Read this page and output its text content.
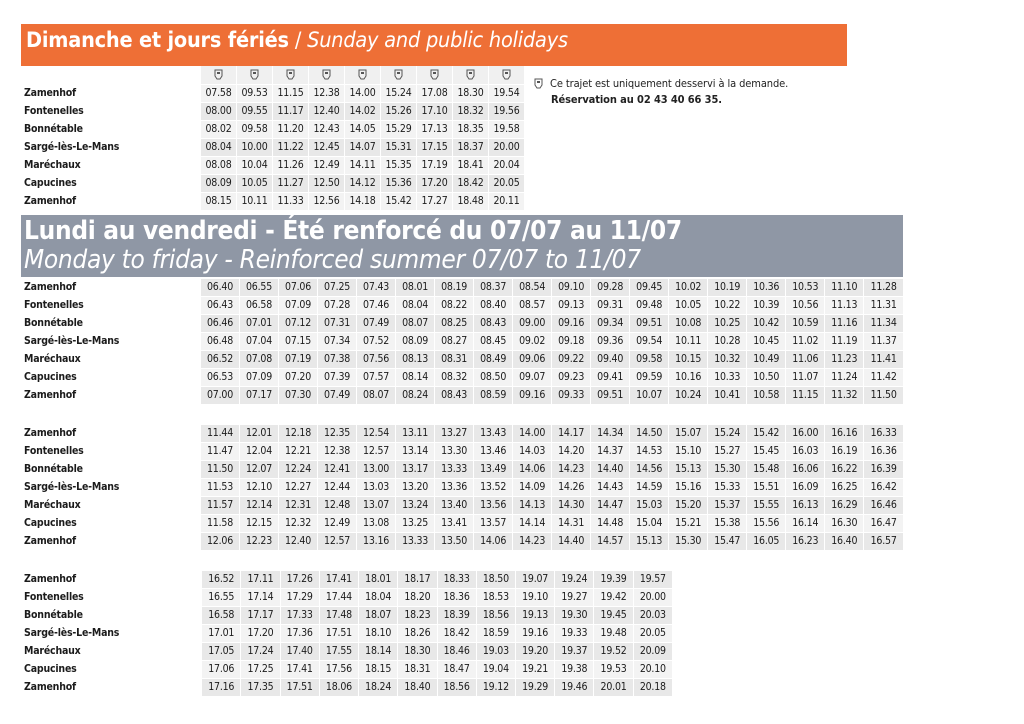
Dimanche et jours fériés / Sunday and public holidays

Zamenhof	07.58	09.53	11.15	12.38	14.00	15.24	17.08	18.30	19.54
Fontenelles	08.00	09.55	11.17	12.40	14.02	15.26	17.10	18.32	19.56
Bonnétable	08.02	09.58	11.20	12.43	14.05	15.29	17.13	18.35	19.58
Sargé-lès-Le-Mans	08.04	10.00	11.22	12.45	14.07	15.31	17.15	18.37	20.00
Maréchaux	08.08	10.04	11.26	12.49	14.11	15.35	17.19	18.41	20.04
Capucines	08.09	10.05	11.27	12.50	14.12	15.36	17.20	18.42	20.05
Zamenhof	08.15	10.11	11.33	12.56	14.18	15.42	17.27	18.48	20.11
Ce trajet est uniquement desservi à la demande.
Réservation au 02 43 40 66 35.
Lundi au vendredi - Été renforcé du 07/07 au 11/07
Monday to friday - Reinforced summer 07/07 to 11/07
Zamenhof	06.40	06.55	07.06	07.25	07.43	08.01	08.19	08.37	08.54	09.10	09.28	09.45	10.02	10.19	10.36	10.53	11.10	11.28
Fontenelles	06.43	06.58	07.09	07.28	07.46	08.04	08.22	08.40	08.57	09.13	09.31	09.48	10.05	10.22	10.39	10.56	11.13	11.31
Bonnétable	06.46	07.01	07.12	07.31	07.49	08.07	08.25	08.43	09.00	09.16	09.34	09.51	10.08	10.25	10.42	10.59	11.16	11.34
Sargé-lès-Le-Mans	06.48	07.04	07.15	07.34	07.52	08.09	08.27	08.45	09.02	09.18	09.36	09.54	10.11	10.28	10.45	11.02	11.19	11.37
Maréchaux	06.52	07.08	07.19	07.38	07.56	08.13	08.31	08.49	09.06	09.22	09.40	09.58	10.15	10.32	10.49	11.06	11.23	11.41
Capucines	06.53	07.09	07.20	07.39	07.57	08.14	08.32	08.50	09.07	09.23	09.41	09.59	10.16	10.33	10.50	11.07	11.24	11.42
Zamenhof	07.00	07.17	07.30	07.49	08.07	08.24	08.43	08.59	09.16	09.33	09.51	10.07	10.24	10.41	10.58	11.15	11.32	11.50
Zamenhof	11.44	12.01	12.18	12.35	12.54	13.11	13.27	13.43	14.00	14.17	14.34	14.50	15.07	15.24	15.42	16.00	16.16	16.33
Fontenelles	11.47	12.04	12.21	12.38	12.57	13.14	13.30	13.46	14.03	14.20	14.37	14.53	15.10	15.27	15.45	16.03	16.19	16.36
Bonnétable	11.50	12.07	12.24	12.41	13.00	13.17	13.33	13.49	14.06	14.23	14.40	14.56	15.13	15.30	15.48	16.06	16.22	16.39
Sargé-lès-Le-Mans	11.53	12.10	12.27	12.44	13.03	13.20	13.36	13.52	14.09	14.26	14.43	14.59	15.16	15.33	15.51	16.09	16.25	16.42
Maréchaux	11.57	12.14	12.31	12.48	13.07	13.24	13.40	13.56	14.13	14.30	14.47	15.03	15.20	15.37	15.55	16.13	16.29	16.46
Capucines	11.58	12.15	12.32	12.49	13.08	13.25	13.41	13.57	14.14	14.31	14.48	15.04	15.21	15.38	15.56	16.14	16.30	16.47
Zamenhof	12.06	12.23	12.40	12.57	13.16	13.33	13.50	14.06	14.23	14.40	14.57	15.13	15.30	15.47	16.05	16.23	16.40	16.57
Zamenhof	16.52	17.11	17.26	17.41	18.01	18.17	18.33	18.50	19.07	19.24	19.39	19.57
Fontenelles	16.55	17.14	17.29	17.44	18.04	18.20	18.36	18.53	19.10	19.27	19.42	20.00
Bonnétable	16.58	17.17	17.33	17.48	18.07	18.23	18.39	18.56	19.13	19.30	19.45	20.03
Sargé-lès-Le-Mans	17.01	17.20	17.36	17.51	18.10	18.26	18.42	18.59	19.16	19.33	19.48	20.05
Maréchaux	17.05	17.24	17.40	17.55	18.14	18.30	18.46	19.03	19.20	19.37	19.52	20.09
Capucines	17.06	17.25	17.41	17.56	18.15	18.31	18.47	19.04	19.21	19.38	19.53	20.10
Zamenhof	17.16	17.35	17.51	18.06	18.24	18.40	18.56	19.12	19.29	19.46	20.01	20.18
